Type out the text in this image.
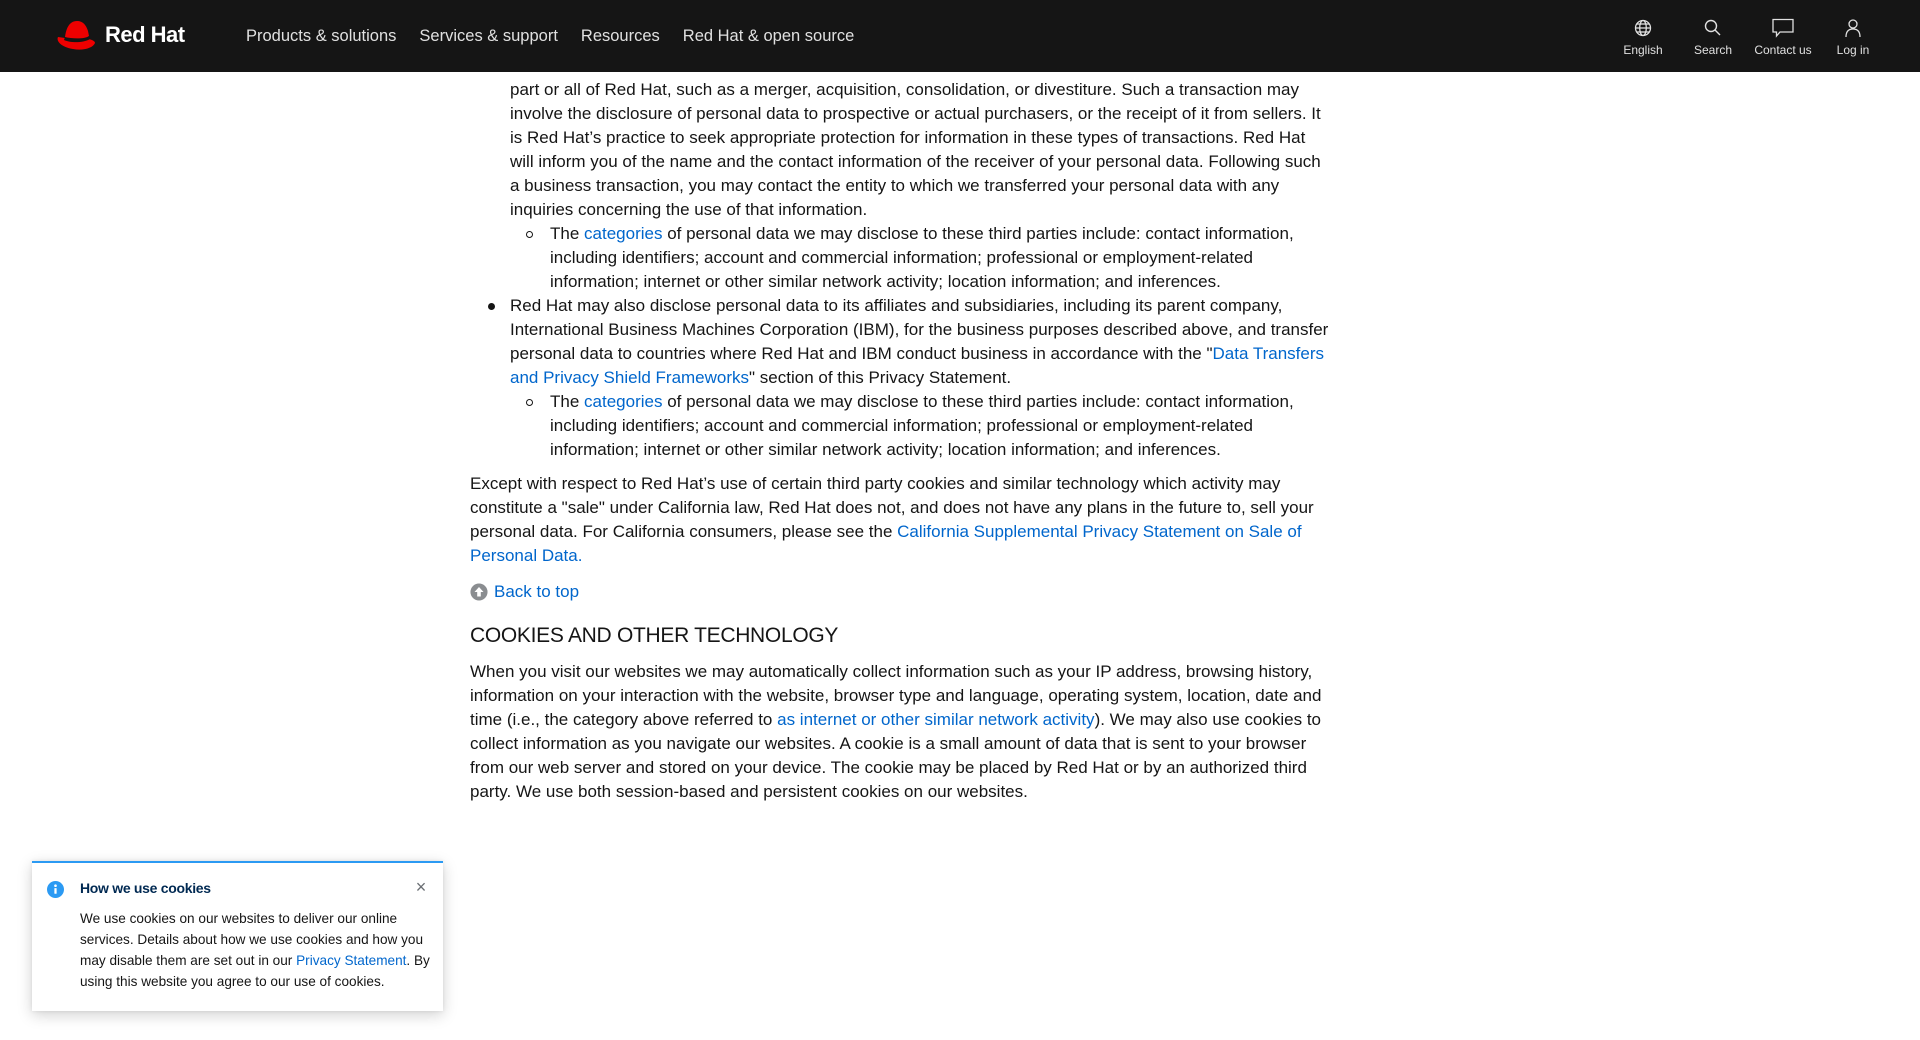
Red Hat	Products & solutions Services & support Resources Red Hat & open source
English	Search Contact us Log in

part or all of Red Hat, such as a merger, acquisition, consolidation, or divestiture. Such a transaction may involve the disclosure of personal data to prospective or actual purchasers, or the receipt of it from sellers. It is Red Hat’s practice to seek appropriate protection for information in these types of transactions. Red Hat will inform you of the name and the contact information of the receiver of your personal data. Following such a business transaction, you may contact the entity to which we transferred your personal data with any inquiries concerning the use of that information.

The categories of personal data we may disclose to these third parties include: contact information, including identifiers; account and commercial information; professional or employment-related information; internet or other similar network activity; location information; and inferences.

Red Hat may also disclose personal data to its affiliates and subsidiaries, including its parent company, International Business Machines Corporation (IBM), for the business purposes described above, and transfer personal data to countries where Red Hat and IBM conduct business in accordance with the "Data Transfers and Privacy Shield Frameworks" section of this Privacy Statement.

The categories of personal data we may disclose to these third parties include: contact information, including identifiers; account and commercial information; professional or employment-related information; internet or other similar network activity; location information; and inferences.

Except with respect to Red Hat’s use of certain third party cookies and similar technology which activity may constitute a "sale" under California law, Red Hat does not, and does not have any plans in the future to, sell your personal data. For California consumers, please see the California Supplemental Privacy Statement on Sale of Personal Data.

Back to top
COOKIES AND OTHER TECHNOLOGY

When you visit our websites we may automatically collect information such as your IP address, browsing history, information on your interaction with the website, browser type and language, operating system, location, date and time (i.e., the category above referred to as internet or other similar network activity). We may also use cookies to collect information as you navigate our websites. A cookie is a small amount of data that is sent to your browser from our web server and stored on your device. The cookie may be placed by Red Hat or by an authorized third party. We use both session-based and persistent cookies on our websites.

How we use cookies	×

We use cookies on our websites to deliver our online services. Details about how we use cookies and how you may disable them are set out in our Privacy Statement. By using this website you agree to our use of cookies.
